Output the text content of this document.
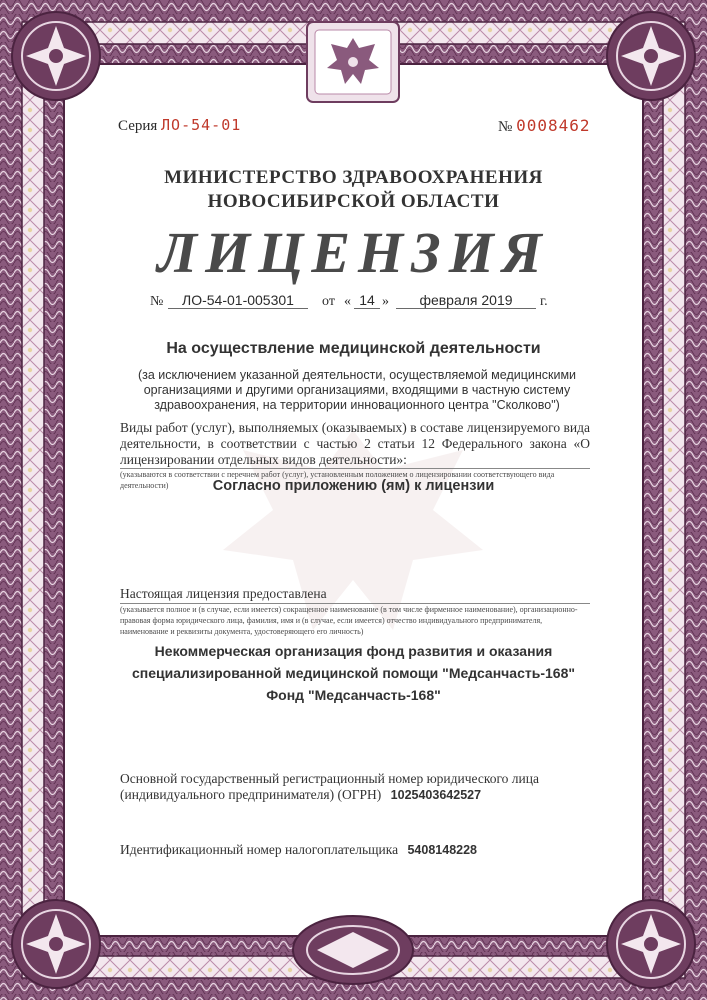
Серия ЛО-54-01	№ 0008462
МИНИСТЕРСТВО ЗДРАВООХРАНЕНИЯ
НОВОСИБИРСКОЙ ОБЛАСТИ
ЛИЦЕНЗИЯ
№	ЛО-54-01-005301	от « 14 »	февраля 2019	г.
На осуществление медицинской деятельности
(за исключением указанной деятельности, осуществляемой медицинскими организациями и другими организациями, входящими в частную систему здравоохранения, на территории инновационного центра "Сколково")
Виды работ (услуг), выполняемых (оказываемых) в составе лицензируемого вида деятельности, в соответствии с частью 2 статьи 12 Федерального закона «О лицензировании отдельных видов деятельности»:
(указываются в соответствии с перечнем работ (услуг), установленным положением о лицензировании соответствующего вида деятельности)	Согласно приложению (ям) к лицензии
Настоящая лицензия предоставлена
(указывается полное и (в случае, если имеется) сокращенное наименование (в том числе фирменное наименование), организационно-правовая форма юридического лица, фамилия, имя и (в случае, если имеется) отчество индивидуального предпринимателя, наименование и реквизиты документа, удостоверяющего его личность)
Некоммерческая организация фонд развития и оказания
специализированной медицинской помощи "Медсанчасть-168"
Фонд "Медсанчасть-168"
Основной государственный регистрационный номер юридического лица
(индивидуального предпринимателя) (ОГРН) 1025403642527
Идентификационный номер налогоплательщика 5408148228
